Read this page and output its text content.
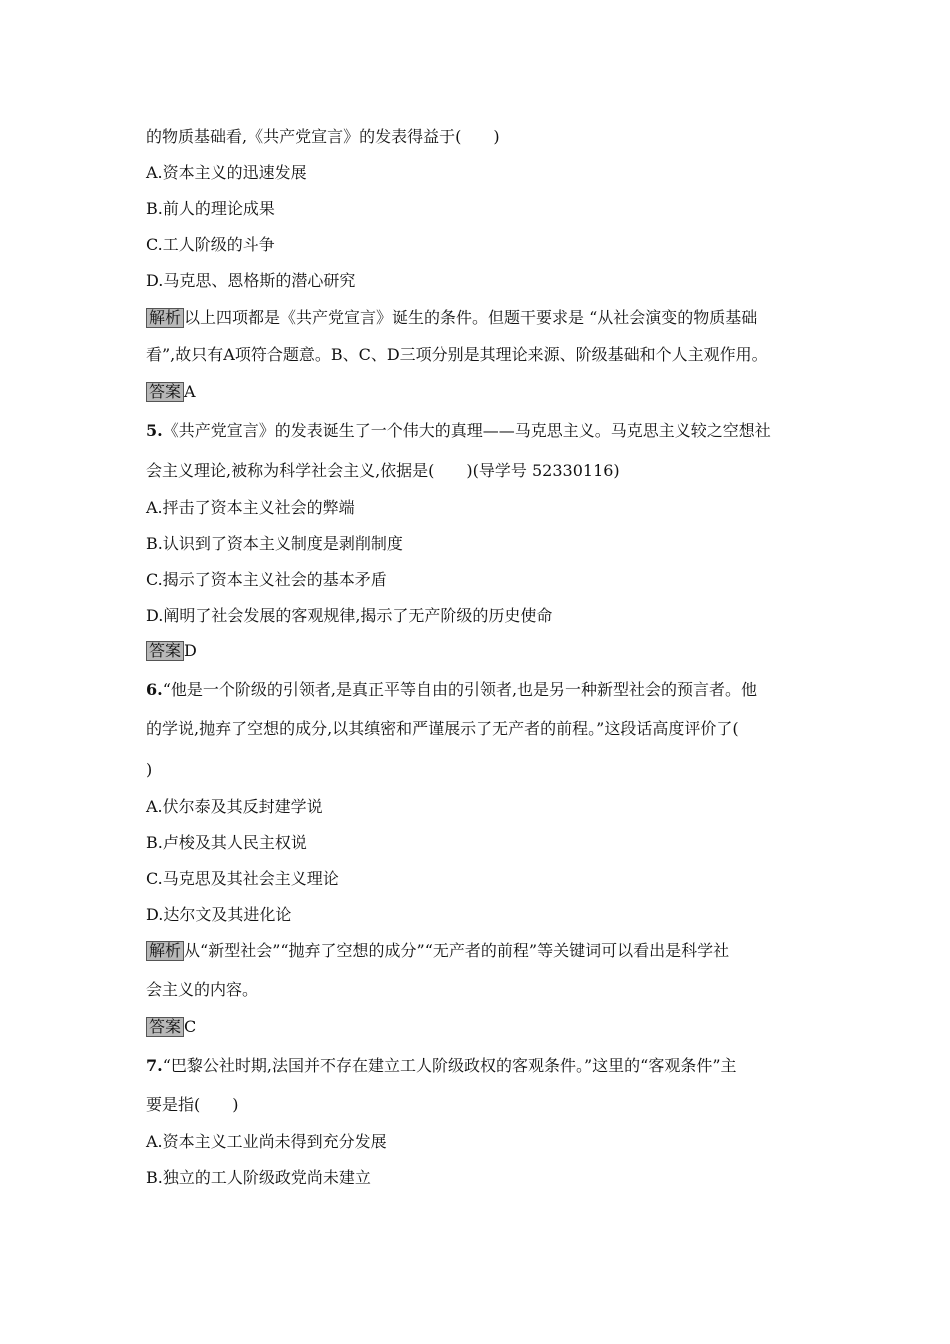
的物质基础看,《共产党宣言》的发表得益于(　　)
A.资本主义的迅速发展
B.前人的理论成果
C.工人阶级的斗争
D.马克思、恩格斯的潜心研究
解析 以上四项都是《共产党宣言》诞生的条件。但题干要求是 “从社会演变的物质基础
看”,故只有A项符合题意。B、C、D三项分别是其理论来源、阶级基础和个人主观作用。
答案 A
5.《共产党宣言》的发表诞生了一个伟大的真理——马克思主义。马克思主义较之空想社
会主义理论,被称为科学社会主义,依据是(　　)(导学号 52330116)
A.抨击了资本主义社会的弊端
B.认识到了资本主义制度是剥削制度
C.揭示了资本主义社会的基本矛盾
D.阐明了社会发展的客观规律,揭示了无产阶级的历史使命
答案 D
6.“他是一个阶级的引领者,是真正平等自由的引领者,也是另一种新型社会的预言者。他
的学说,抛弃了空想的成分,以其缜密和严谨展示了无产者的前程。”这段话高度评价了(
)
A.伏尔泰及其反封建学说
B.卢梭及其人民主权说
C.马克思及其社会主义理论
D.达尔文及其进化论
解析 从“新型社会”“抛弃了空想的成分”“无产者的前程”等关键词可以看出是科学社
会主义的内容。
答案 C
7.“巴黎公社时期,法国并不存在建立工人阶级政权的客观条件。”这里的“客观条件”主
要是指(　　)
A.资本主义工业尚未得到充分发展
B.独立的工人阶级政党尚未建立
